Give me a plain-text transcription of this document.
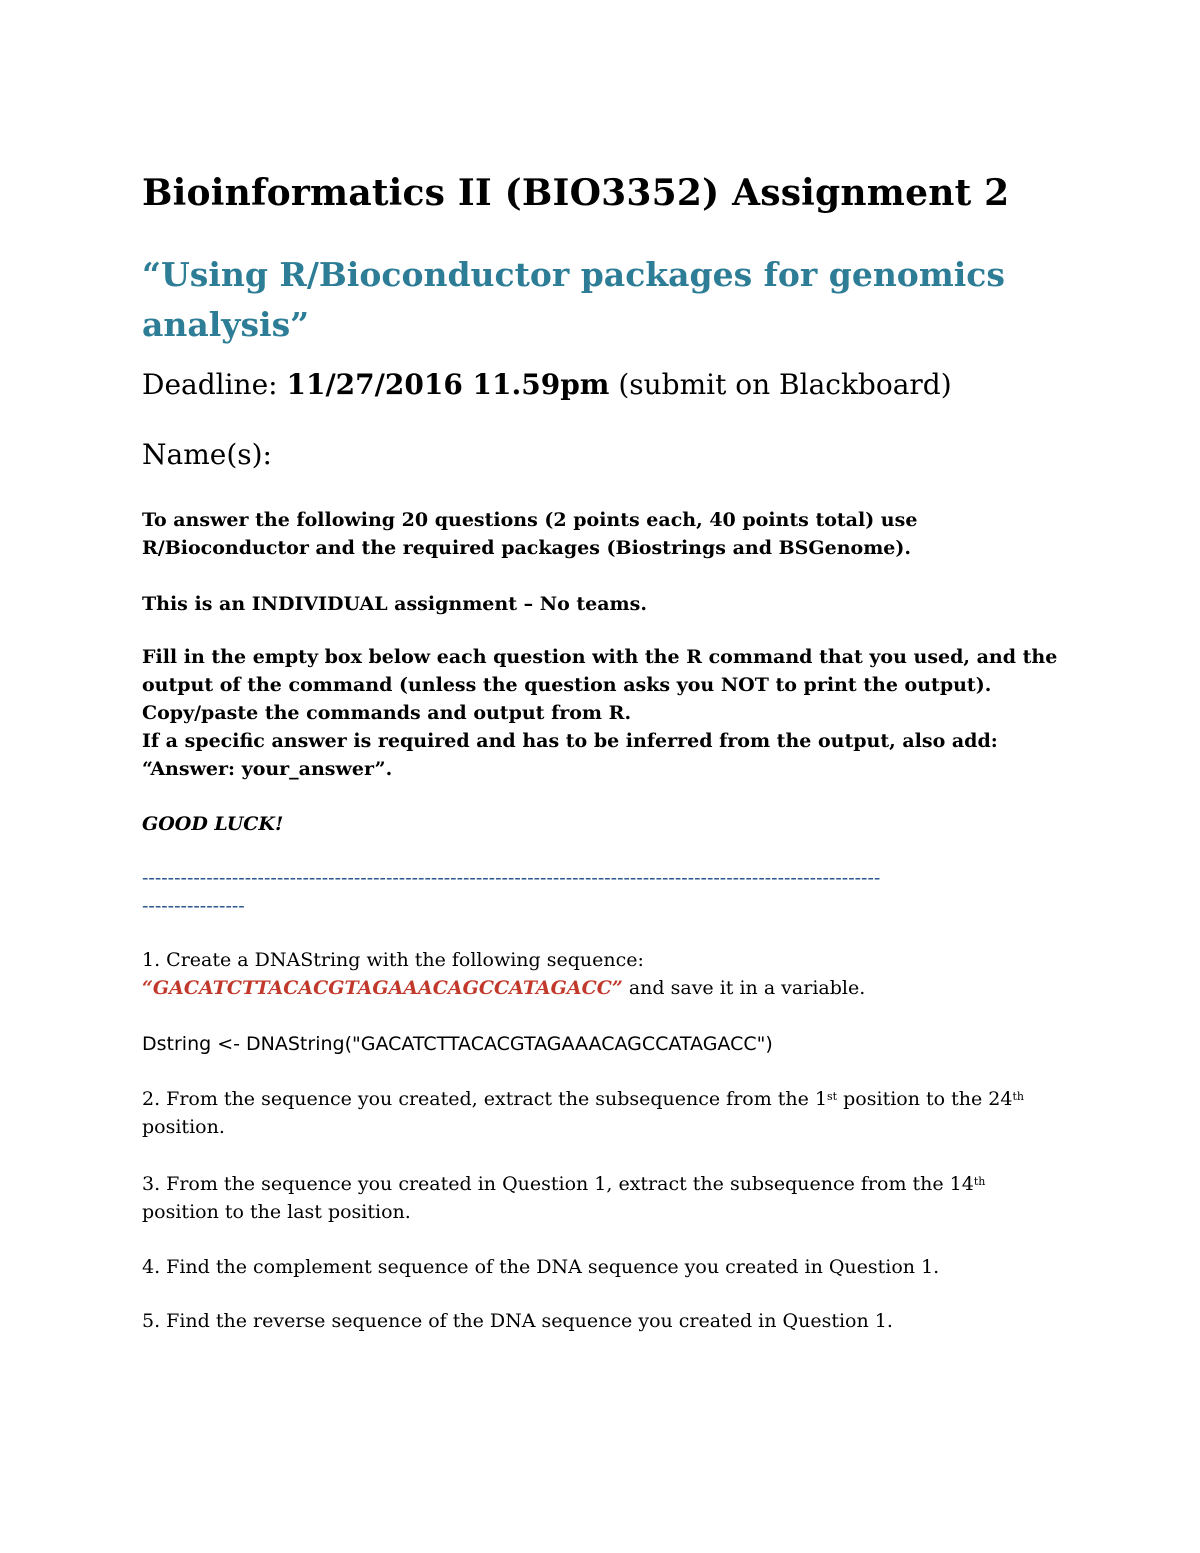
Bioinformatics II (BIO3352) Assignment 2
“Using R/Bioconductor packages for genomics analysis”
Deadline: 11/27/2016 11.59pm (submit on Blackboard)
Name(s):
To answer the following 20 questions (2 points each, 40 points total) use
R/Bioconductor and the required packages (Biostrings and BSGenome).
This is an INDIVIDUAL assignment – No teams.
Fill in the empty box below each question with the R command that you used, and the
output of the command (unless the question asks you NOT to print the output).
Copy/paste the commands and output from R.
If a specific answer is required and has to be inferred from the output, also add:
“Answer: your_answer”.
GOOD LUCK!
-------------------------------------------------------------------------------------------------------------------
----------------
1. Create a DNAString with the following sequence:
“GACATCTTACACGTAGAAACAGCCATAGACC” and save it in a variable.
Dstring <- DNAString("GACATCTTACACGTAGAAACAGCCATAGACC")
2. From the sequence you created, extract the subsequence from the 1st position to the 24th
position.
3. From the sequence you created in Question 1, extract the subsequence from the 14th
position to the last position.
4. Find the complement sequence of the DNA sequence you created in Question 1.
5. Find the reverse sequence of the DNA sequence you created in Question 1.
